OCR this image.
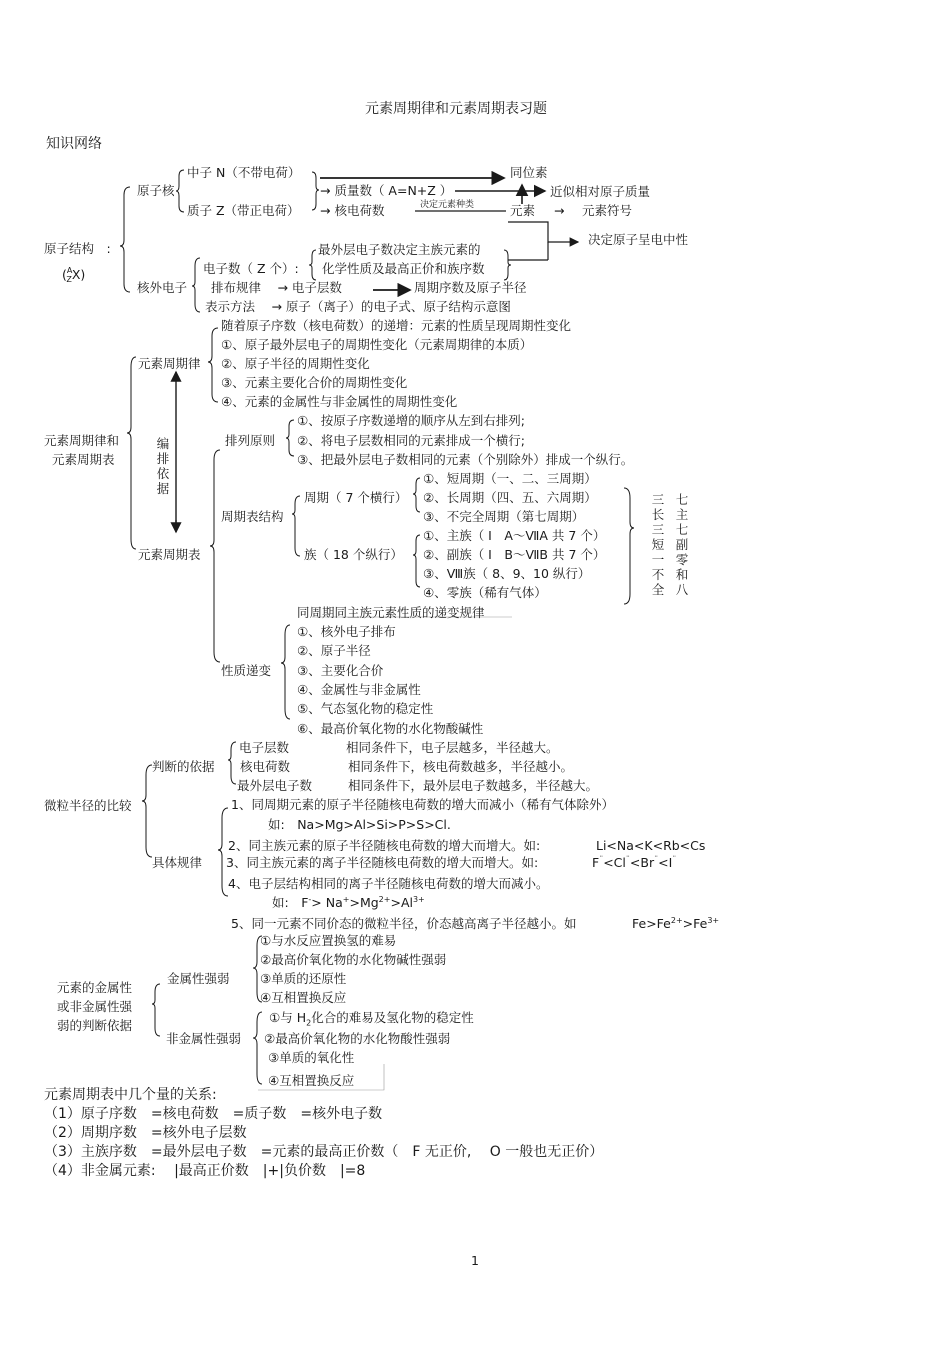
元素周期律和元素周期表习题
知识网络
原子结构　:
($^A_Z$X)
原子核
中子 N（不带电荷）
质子 Z（带正电荷）
→ 质量数（ A=N+Z ）
→ 核电荷数	决定元素种类
同位素
近似相对原子质量
元素 → 元素符号
决定原子呈电中性
核外电子
电子数（ Z 个）:
最外层电子数决定主族元素的
化学性质及最高正价和族序数
排布规律　 → 电子层数	周期序数及原子半径
表示方法　 → 原子（离子）的电子式、原子结构示意图
元素周期律和
元素周期表
元素周期律
随着原子序数（核电荷数）的递增：元素的性质呈现周期性变化
①、原子最外层电子的周期性变化（元素周期律的本质）
②、原子半径的周期性变化
③、元素主要化合价的周期性变化
④、元素的金属性与非金属性的周期性变化
编排依据
元素周期表
排列原则
①、按原子序数递增的顺序从左到右排列;
②、将电子层数相同的元素排成一个横行;
③、把最外层电子数相同的元素（个别除外）排成一个纵行。
周期表结构
周期（ 7 个横行）
①、短周期（一、二、三周期）
②、长周期（四、五、六周期）
③、不完全周期（第七周期）
族（ 18 个纵行）
①、主族（ I　A～ⅦA 共 7 个）
②、副族（ I　B～ⅦB 共 7 个）
③、Ⅷ族（ 8、9、10 纵行）
④、零族（稀有气体）
三长三短一不全
七主七副零和八
性质递变
同周期同主族元素性质的递变规律
①、核外电子排布
②、原子半径
③、主要化合价
④、金属性与非金属性
⑤、气态氢化物的稳定性
⑥、最高价氧化物的水化物酸碱性
微粒半径的比较
判断的依据
电子层数	相同条件下，电子层越多，半径越大。
核电荷数	相同条件下，核电荷数越多，半径越小。
最外层电子数	相同条件下，最外层电子数越多，半径越大。
具体规律
1、同周期元素的原子半径随核电荷数的增大而减小（稀有气体除外）
如:　Na>Mg>Al>Si>P>S>Cl.
2、同主族元素的原子半径随核电荷数的增大而增大。如:	Li<Na<K<Rb<Cs
3、同主族元素的离子半径随核电荷数的增大而增大。如:	F¨<Cl¨<Br¨<I¨
4、电子层结构相同的离子半径随核电荷数的增大而减小。
如:　$F^-> Na^+>Mg^{2+}>Al^{3+}$
5、同一元素不同价态的微粒半径，价态越高离子半径越小。如	$Fe>Fe^{2+}>Fe^{3+}$
元素的金属性
或非金属性强
弱的判断依据
金属性强弱
①与水反应置换氢的难易
②最高价氧化物的水化物碱性强弱
③单质的还原性
④互相置换反应
非金属性强弱
①与 $H_2$化合的难易及氢化物的稳定性
②最高价氧化物的水化物酸性强弱
③单质的氧化性
④互相置换反应
元素周期表中几个量的关系:
（1）原子序数　=核电荷数　=质子数　=核外电子数
（2）周期序数　=核外电子层数
（3）主族序数　=最外层电子数　=元素的最高正价数（　F 无正价,　 O 一般也无正价）
（4）非金属元素:　 |最高正价数　|+|负价数　|=8
1
